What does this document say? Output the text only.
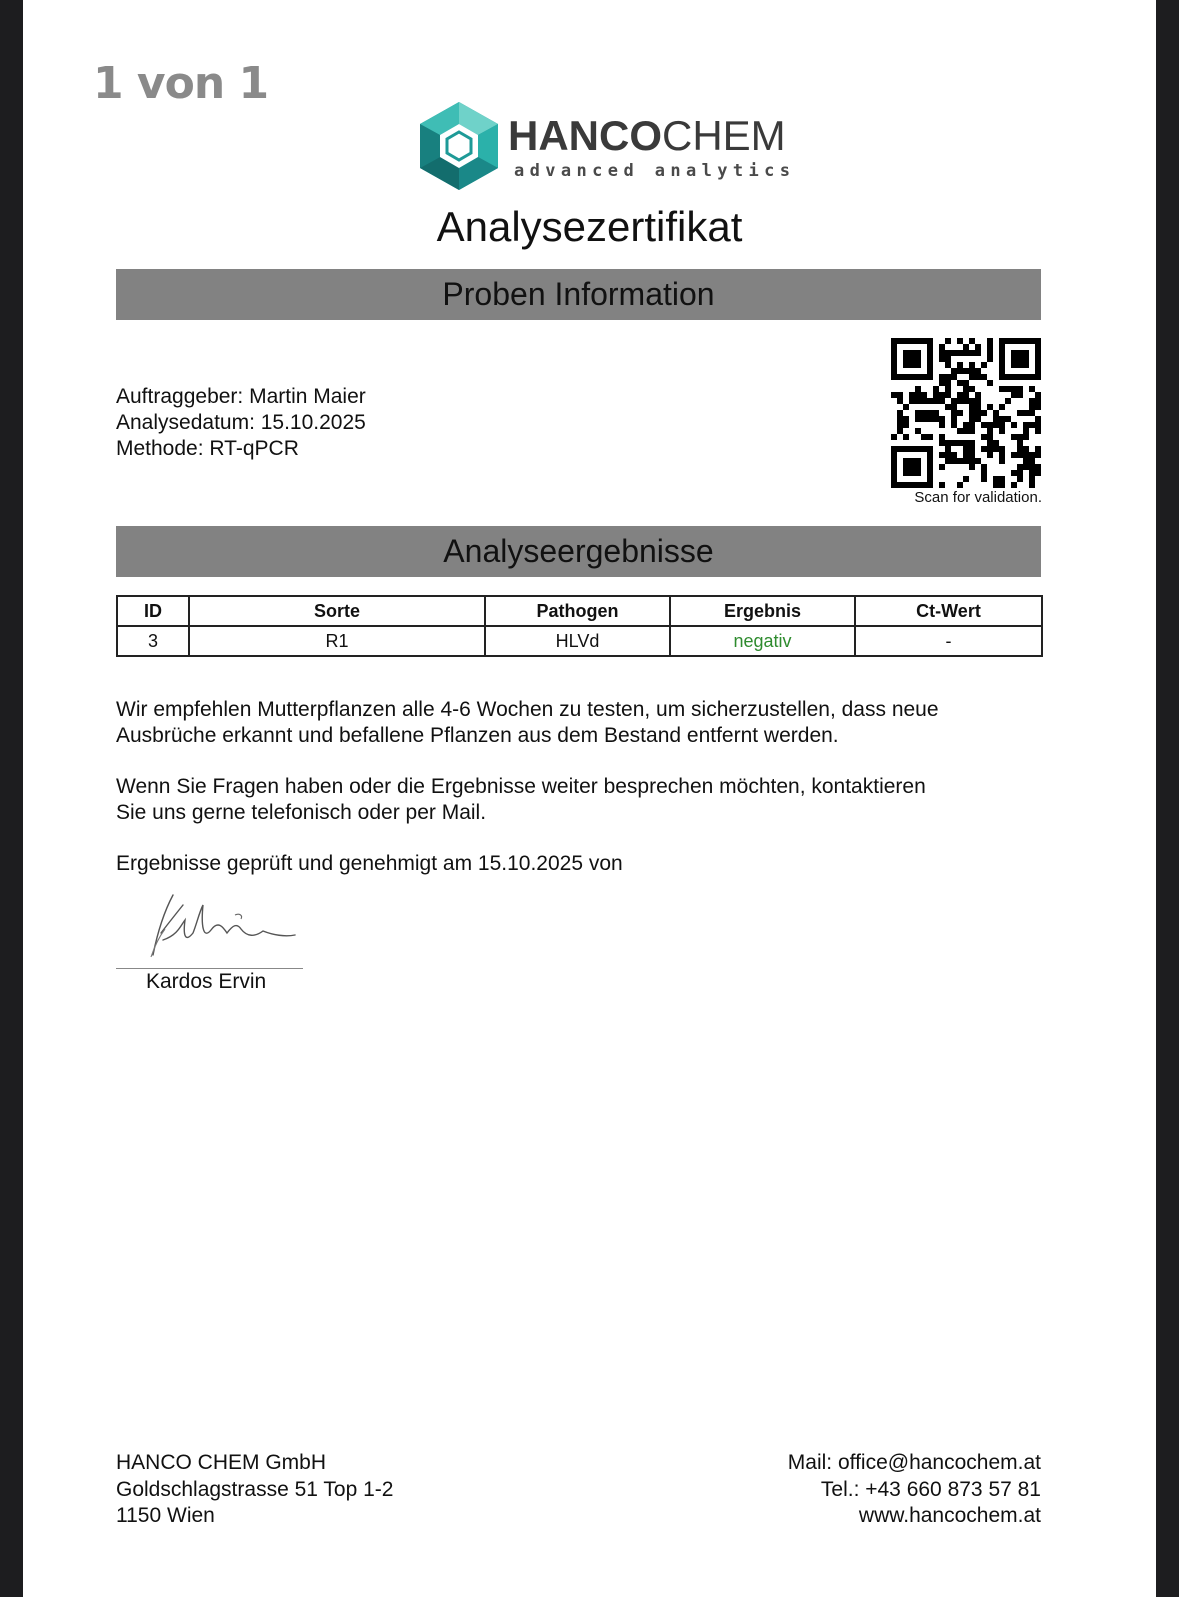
1 von 1
HANCOCHEM
advanced analytics
Analysezertifikat
Proben Information
Auftraggeber: Martin Maier
Analysedatum: 15.10.2025
Methode: RT-qPCR
Scan for validation.
Analyseergebnisse
ID	Sorte	Pathogen	Ergebnis	Ct-Wert
3	R1	HLVd	negativ	-
Wir empfehlen Mutterpflanzen alle 4-6 Wochen zu testen, um sicherzustellen, dass neue
Ausbrüche erkannt und befallene Pflanzen aus dem Bestand entfernt werden.
Wenn Sie Fragen haben oder die Ergebnisse weiter besprechen möchten, kontaktieren
Sie uns gerne telefonisch oder per Mail.
Ergebnisse geprüft und genehmigt am 15.10.2025 von
Kardos Ervin
HANCO CHEM GmbH
Goldschlagstrasse 51 Top 1-2
1150 Wien
Mail: office@hancochem.at
Tel.: +43 660 873 57 81
www.hancochem.at
